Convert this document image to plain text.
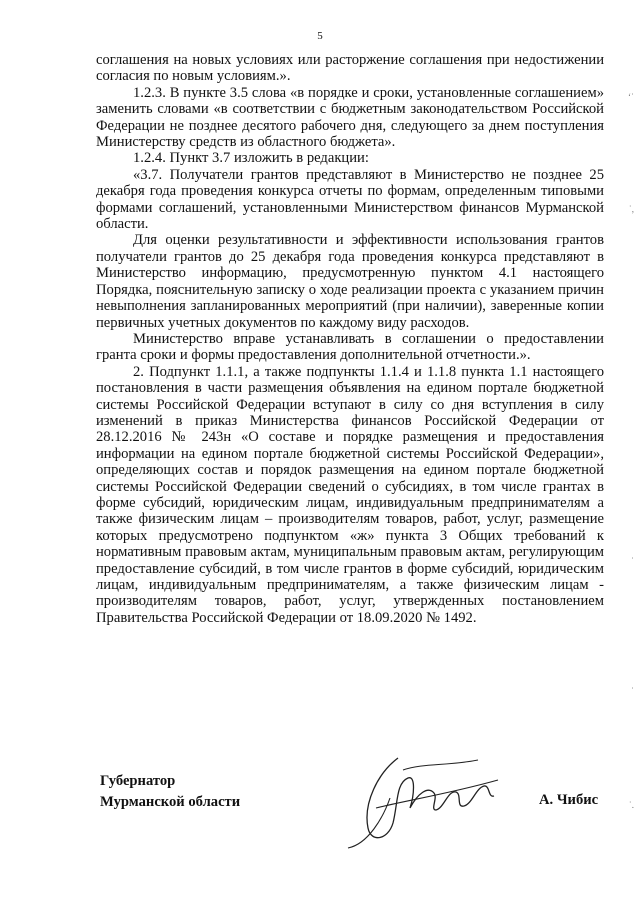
5

соглашения на новых условиях или расторжение соглашения при недостижении согласия по новым условиям.».

1.2.3. В пункте 3.5 слова «в порядке и сроки, установленные соглашением» заменить словами «в соответствии с бюджетным законодательством Российской Федерации не позднее десятого рабочего дня, следующего за днем поступления Министерству средств из областного бюджета».

1.2.4. Пункт 3.7 изложить в редакции:

«3.7. Получатели грантов представляют в Министерство не позднее 25 декабря года проведения конкурса отчеты по формам, определенным типовыми формами соглашений, установленными Министерством финансов Мурманской области.

Для оценки результативности и эффективности использования грантов получатели грантов до 25 декабря года проведения конкурса представляют в Министерство информацию, предусмотренную пунктом 4.1 настоящего Порядка, пояснительную записку о ходе реализации проекта с указанием причин невыполнения запланированных мероприятий (при наличии), заверенные копии первичных учетных документов по каждому виду расходов.

Министерство вправе устанавливать в соглашении о предоставлении гранта сроки и формы предоставления дополнительной отчетности.».

2. Подпункт 1.1.1, а также подпункты 1.1.4 и 1.1.8 пункта 1.1 настоящего постановления в части размещения объявления на едином портале бюджетной системы Российской Федерации вступают в силу со дня вступления в силу изменений в приказ Министерства финансов Российской Федерации от 28.12.2016 № 243н «О составе и порядке размещения и предоставления информации на едином портале бюджетной системы Российской Федерации», определяющих состав и порядок размещения на едином портале бюджетной системы Российской Федерации сведений о субсидиях, в том числе грантах в форме субсидий, юридическим лицам, индивидуальным предпринимателям а также физическим лицам – производителям товаров, работ, услуг, размещение которых предусмотрено подпунктом «ж» пункта 3 Общих требований к нормативным правовым актам, муниципальным правовым актам, регулирующим предоставление субсидий, в том числе грантов в форме субсидий, юридическим лицам, индивидуальным предпринимателям, а также физическим лицам - производителям товаров, работ, услуг, утвержденных постановлением Правительства Российской Федерации от 18.09.2020 № 1492.

Губернатор
Мурманской области	А. Чибис
ʻ˙
˙,
˙
˙
˙.
